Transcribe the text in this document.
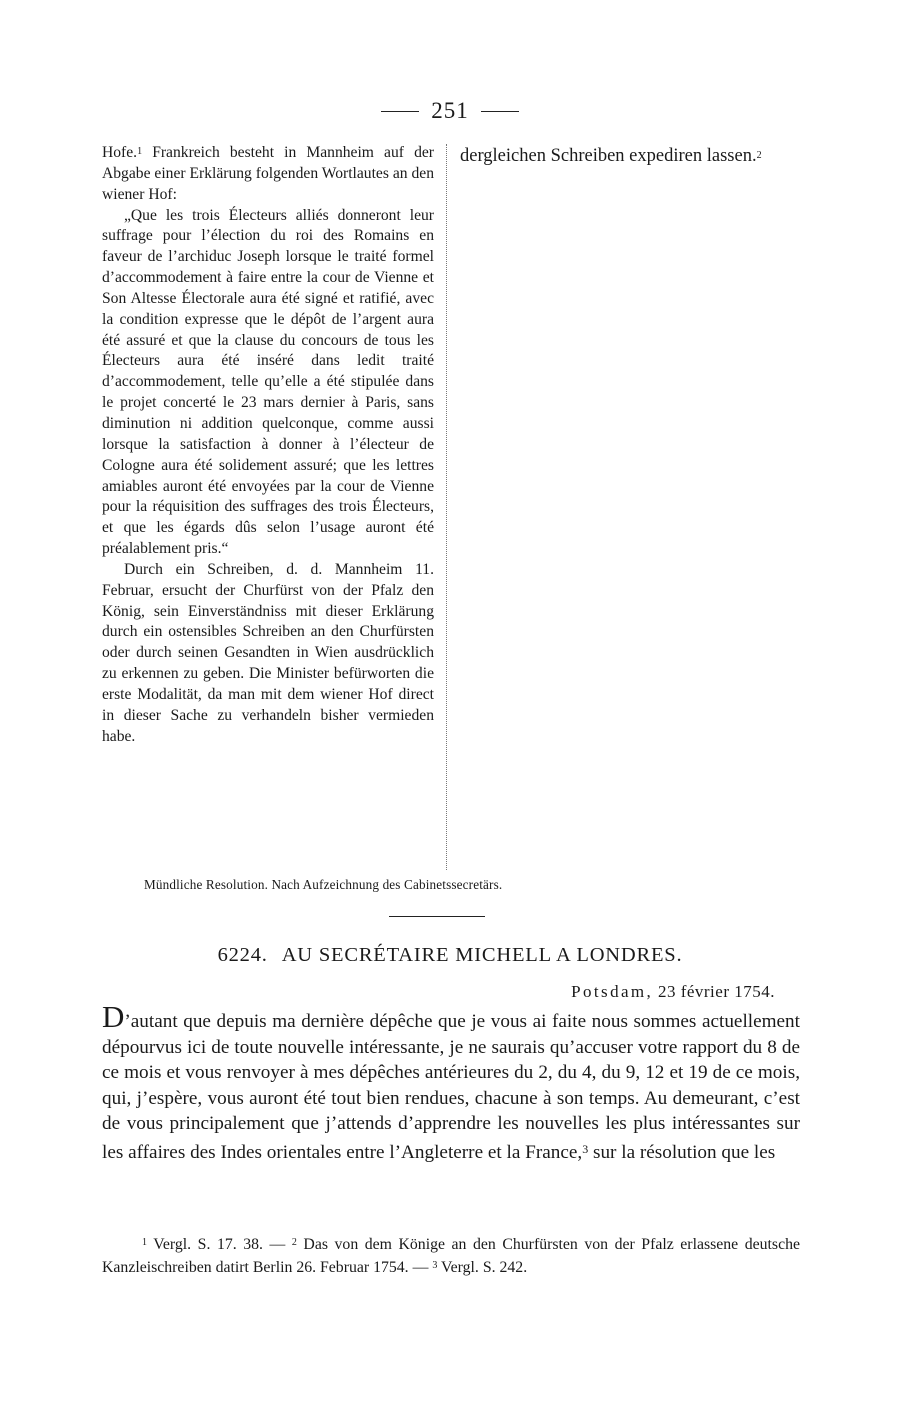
251

Hofe.$^1$ Frankreich besteht in Mannheim auf der Abgabe einer Erklärung folgenden Wortlautes an den wiener Hof:

„Que les trois Électeurs alliés donneront leur suffrage pour l’élection du roi des Romains en faveur de l’archiduc Joseph lorsque le traité formel d’accommodement à faire entre la cour de Vienne et Son Altesse Électorale aura été signé et ratifié, avec la condition expresse que le dépôt de l’argent aura été assuré et que la clause du concours de tous les Électeurs aura été inséré dans ledit traité d’accommodement, telle qu’elle a été stipulée dans le projet concerté le 23 mars dernier à Paris, sans diminution ni addition quelconque, comme aussi lorsque la satisfaction à donner à l’électeur de Cologne aura été solidement assuré; que les lettres amiables auront été envoyées par la cour de Vienne pour la réquisition des suffrages des trois Électeurs, et que les égards dûs selon l’usage auront été préalablement pris.“

Durch ein Schreiben, d. d. Mannheim 11. Februar, ersucht der Churfürst von der Pfalz den König, sein Einverständniss mit dieser Erklärung durch ein ostensibles Schreiben an den Churfürsten oder durch seinen Gesandten in Wien ausdrücklich zu erkennen zu geben. Die Minister befürworten die erste Modalität, da man mit dem wiener Hof direct in dieser Sache zu verhandeln bisher vermieden habe.

dergleichen Schreiben expediren lassen.$^2$

Mündliche Resolution. Nach Aufzeichnung des Cabinetssecretärs.
6224. AU SECRÉTAIRE MICHELL A LONDRES.
Potsdam, 23 février 1754.
D’autant que depuis ma dernière dépêche que je vous ai faite nous sommes actuellement dépourvus ici de toute nouvelle intéressante, je ne saurais qu’accuser votre rapport du 8 de ce mois et vous renvoyer à mes dépêches antérieures du 2, du 4, du 9, 12 et 19 de ce mois, qui, j’espère, vous auront été tout bien rendues, chacune à son temps. Au demeurant, c’est de vous principalement que j’attends d’apprendre les nouvelles les plus intéressantes sur les affaires des Indes orientales entre l’Angleterre et la France,$^3$ sur la résolution que les

$^1$ Vergl. S. 17. 38. — $^2$ Das von dem Könige an den Churfürsten von der Pfalz erlassene deutsche Kanzleischreiben datirt Berlin 26. Februar 1754. — $^3$ Vergl. S. 242.
